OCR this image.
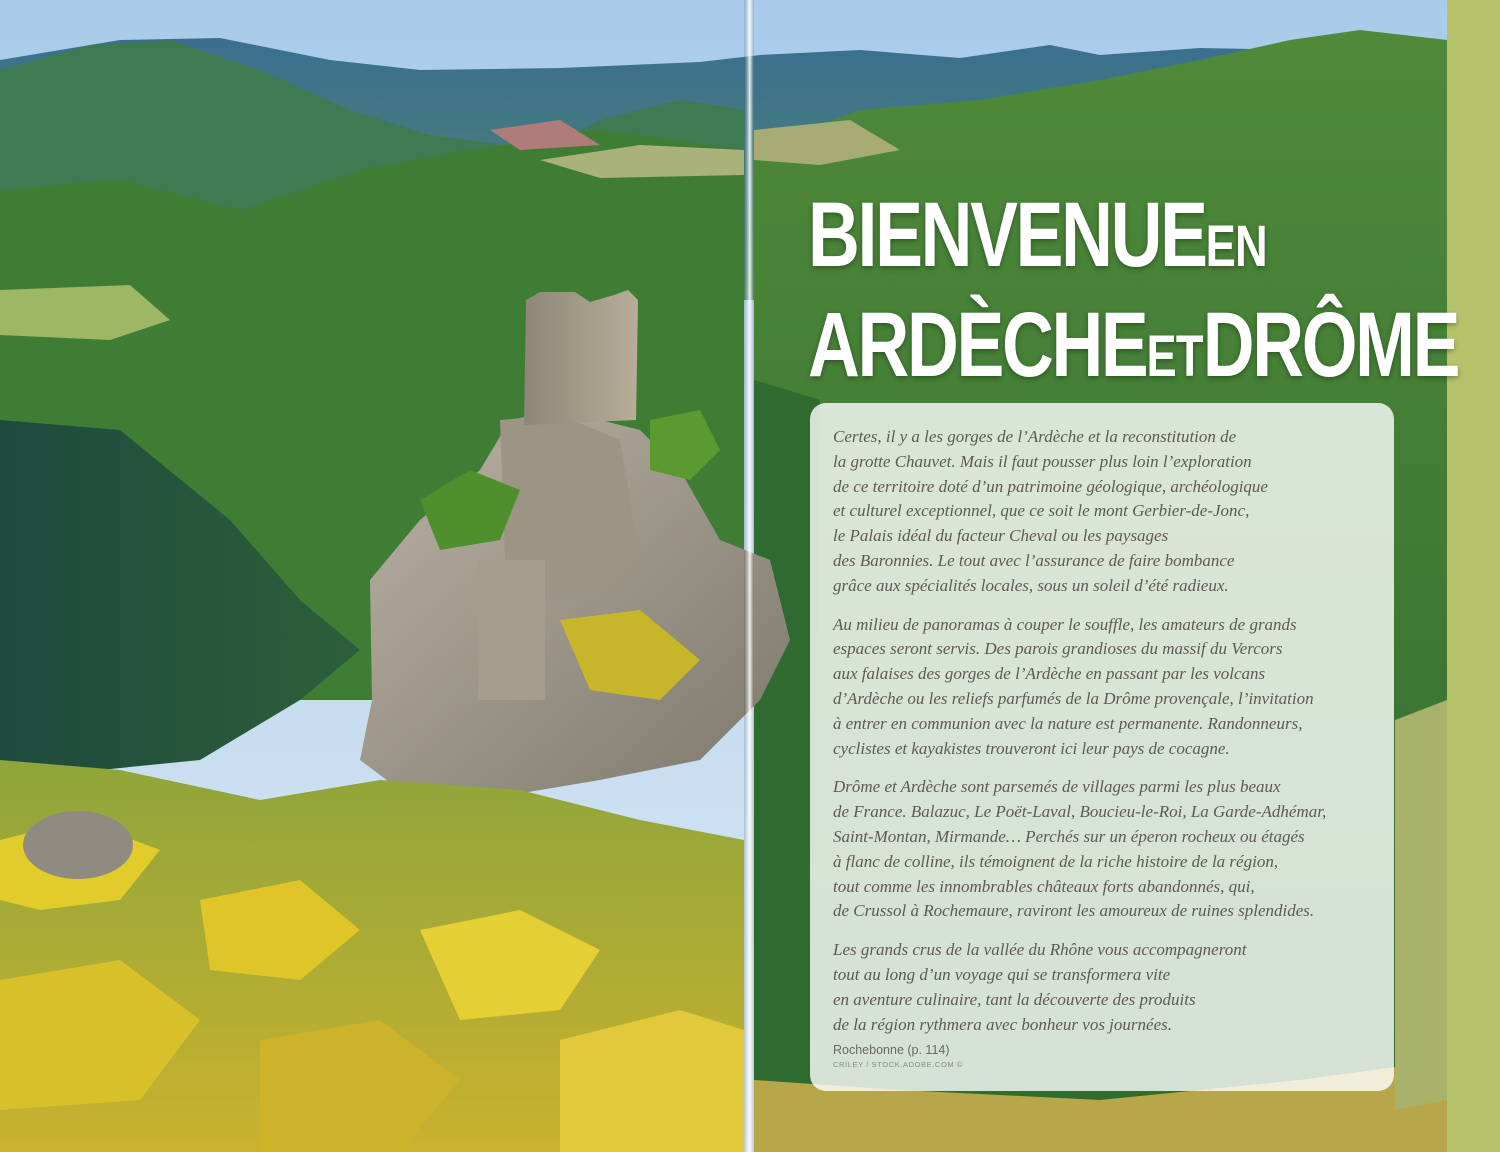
BIENVENUEEN
ARDÈCHEETDRÔME

Certes, il y a les gorges de l’Ardèche et la reconstitution de
la grotte Chauvet. Mais il faut pousser plus loin l’exploration
de ce territoire doté d’un patrimoine géologique, archéologique
et culturel exceptionnel, que ce soit le mont Gerbier-de-Jonc,
le Palais idéal du facteur Cheval ou les paysages
des Baronnies. Le tout avec l’assurance de faire bombance
grâce aux spécialités locales, sous un soleil d’été radieux.

Au milieu de panoramas à couper le souffle, les amateurs de grands
espaces seront servis. Des parois grandioses du massif du Vercors
aux falaises des gorges de l’Ardèche en passant par les volcans
d’Ardèche ou les reliefs parfumés de la Drôme provençale, l’invitation
à entrer en communion avec la nature est permanente. Randonneurs,
cyclistes et kayakistes trouveront ici leur pays de cocagne.

Drôme et Ardèche sont parsemés de villages parmi les plus beaux
de France. Balazuc, Le Poët-Laval, Boucieu-le-Roi, La Garde-Adhémar,
Saint-Montan, Mirmande… Perchés sur un éperon rocheux ou étagés
à flanc de colline, ils témoignent de la riche histoire de la région,
tout comme les innombrables châteaux forts abandonnés, qui,
de Crussol à Rochemaure, raviront les amoureux de ruines splendides.

Les grands crus de la vallée du Rhône vous accompagneront
tout au long d’un voyage qui se transformera vite
en aventure culinaire, tant la découverte des produits
de la région rythmera avec bonheur vos journées.

Rochebonne (p. 114)
CRILEY / STOCK.ADOBE.COM ©
